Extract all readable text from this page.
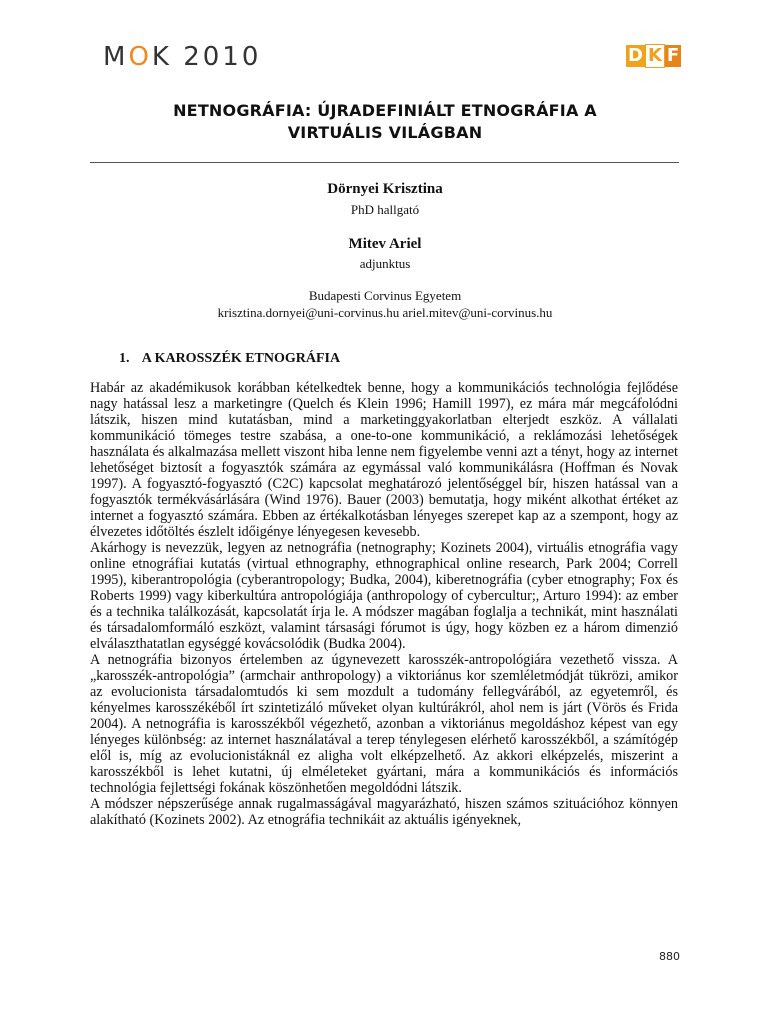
MOK 2010	D K F
NETNOGRÁFIA: ÚJRADEFINIÁLT ETNOGRÁFIA A
VIRTUÁLIS VILÁGBAN
Dörnyei Krisztina
PhD hallgató
Mitev Ariel
adjunktus
Budapesti Corvinus Egyetem
krisztina.dornyei@uni-corvinus.hu ariel.mitev@uni-corvinus.hu
1. A KAROSSZÉK ETNOGRÁFIA

Habár az akadémikusok korábban kételkedtek benne, hogy a kommunikációs technológia fejlődése nagy hatással lesz a marketingre (Quelch és Klein 1996; Hamill 1997), ez mára már megcáfolódni látszik, hiszen mind kutatásban, mind a marketinggyakorlatban elterjedt eszköz. A vállalati kommunikáció tömeges testre szabása, a one-to-one kommunikáció, a reklámozási lehetőségek használata és alkalmazása mellett viszont hiba lenne nem figyelembe venni azt a tényt, hogy az internet lehetőséget biztosít a fogyasztók számára az egymással való kommunikálásra (Hoffman és Novak 1997). A fogyasztó-fogyasztó (C2C) kapcsolat meghatározó jelentőséggel bír, hiszen hatással van a fogyasztók termékvásárlására (Wind 1976). Bauer (2003) bemutatja, hogy miként alkothat értéket az internet a fogyasztó számára. Ebben az értékalkotásban lényeges szerepet kap az a szempont, hogy az élvezetes időtöltés észlelt időigénye lényegesen kevesebb.

Akárhogy is nevezzük, legyen az netnográfia (netnography; Kozinets 2004), virtuális etnográfia vagy online etnográfiai kutatás (virtual ethnography, ethnographical online research, Park 2004; Correll 1995), kiberantropológia (cyberantropology; Budka, 2004), kiberetnográfia (cyber etnography; Fox és Roberts 1999) vagy kiberkultúra antropológiája (anthropology of cybercultur;, Arturo 1994): az ember és a technika találkozását, kapcsolatát írja le. A módszer magában foglalja a technikát, mint használati és társadalomformáló eszközt, valamint társasági fórumot is úgy, hogy közben ez a három dimenzió elválaszthatatlan egységgé kovácsolódik (Budka 2004).

A netnográfia bizonyos értelemben az úgynevezett karosszék-antropológiára vezethető vissza. A „karosszék-antropológia” (armchair anthropology) a viktoriánus kor szemléletmódját tükrözi, amikor az evolucionista társadalomtudós ki sem mozdult a tudomány fellegvárából, az egyetemről, és kényelmes karosszékéből írt szintetizáló műveket olyan kultúrákról, ahol nem is járt (Vörös és Frida 2004). A netnográfia is karosszékből végezhető, azonban a viktoriánus megoldáshoz képest van egy lényeges különbség: az internet használatával a terep ténylegesen elérhető karosszékből, a számítógép elől is, míg az evolucionistáknál ez aligha volt elképzelhető. Az akkori elképzelés, miszerint a karosszékből is lehet kutatni, új elméleteket gyártani, mára a kommunikációs és információs technológia fejlettségi fokának köszönhetően megoldódni látszik.

A módszer népszerűsége annak rugalmasságával magyarázható, hiszen számos szituációhoz könnyen alakítható (Kozinets 2002). Az etnográfia technikáit az aktuális igényeknek,

880
